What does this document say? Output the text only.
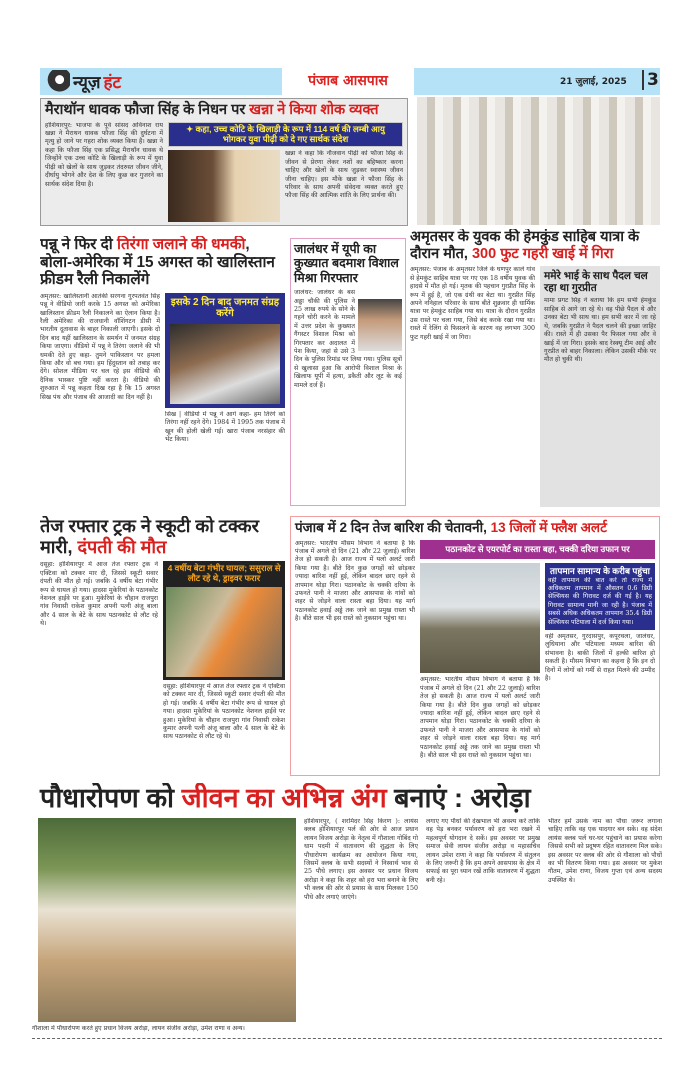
न्यूज़ हंट	पंजाब आसपास	21 जुलाई, 2025 3
मैराथॉन धावक फौजा सिंह के निधन पर खन्ना ने किया शोक व्यक्त
होशियारपुर: भाजपा के पूर्व सांसद अविनाश राय खन्ना ने मैराथन धावक फौजा सिंह की दुर्घटना में मृत्यु हो जाने पर गहरा शोक व्यक्त किया है। खन्ना ने कहा कि फौजा सिंह एक प्रसिद्ध मैराथॉन धावक थे जिन्होंने एक उच्च कोटि के खिलाड़ी के रूप में युवा पीढ़ी को खेलों के साथ जुड़कर तंदरुस्त जीवन जीने, दीर्घायु भोगने और देश के लिए कुछ कर गुजरने का सार्थक संदेश दिया है।
✦ कहा, उच्च कोटि के खिलाड़ी के रूप में 114 वर्ष की लम्बी आयु भोगकर युवा पीढ़ी को दे गए सार्थक संदेश
खन्ना ने कहा कि नौजवान पीढ़ी को फौजा सिंह के जीवन से प्रेरणा लेकर नशों का बहिष्कार करना चाहिए और खेलों के साथ जुड़कर स्वास्थ्य जीवन जीना चाहिए। इस मौके खन्ना ने फौजा सिंह के परिवार के साथ अपनी संवेदना व्यक्त करते हुए फौजा सिंह की आत्मिक शांति के लिए प्रार्थना की।
पन्नू ने फिर दी तिरंगा जलाने की धमकी, बोला-अमेरिका में 15 अगस्त को खालिस्तान फ्रीडम रैली निकालेंगे
अमृतसर: खालिस्तानी आतंकी सरगना गुरपतवंत सिंह पन्नू ने वीडियो जारी करके 15 अगस्त को अमेरिका खालिस्तान फ्रीडम रैली निकालने का ऐलान किया है। रैली अमेरिका की राजधानी वॉशिंगटन डीसी में भारतीय दूतावास के बाहर निकाली जाएगी। इसके दो दिन बाद यहीं खालिस्तान के समर्थन में जनमत संग्रह किया जाएगा। वीडियो में पन्नू ने तिरंगा जलाने की भी धमकी देते हुए कहा- तुमने पाकिस्तान पर हमला किया और वो बच गया। हम हिंदुस्तान को तबाह कर देंगे। सोशल मीडिया पर चल रहे इस वीडियो की दैनिक भास्कर पुष्टि नहीं करता है। वीडियो की शुरुआत में पन्नू कहता दिख रहा है कि 15 अगस्त सिख पंथ और पंजाब की आजादी का दिन नहीं है।
इसके 2 दिन बाद जनमत संग्रह करेंगे
सिख | वीडियो में पन्नू ने आगे कहा- हम तिरंगे को तिरंगा नहीं रहने देंगे। 1984 में 1995 तक पंजाब में खून की होली खेली गई। खारा पंजाब नरसंहार की भेंट किया।
जालंधर में यूपी का कुख्यात बदमाश विशाल मिश्रा गिरफ्तार
जालंधर: जालंधर के बस अड्डा चौकी की पुलिस ने 25 लाख रुपये के सोने के गहने चोरी करने के मामले में उत्तर प्रदेश के कुख्यात गैंगस्टर विशाल मिश्रा को गिरफ्तार कर अदालत में पेश किया, जहां से उसे 3 दिन के पुलिस रिमांड पर लिया गया। पुलिस सूत्रों से खुलासा हुआ कि आरोपी विशाल मिश्रा के खिलाफ यूपी में हत्या, डकैती और लूट के कई मामले दर्ज हैं।
अमृतसर के युवक की हेमकुंड साहिब यात्रा के दौरान मौत, 300 फुट गहरी खाई में गिरा
अमृतसर: पंजाब के अमृतसर जिले के घणपुर काले गांव से हेमकुंट साहिब यात्रा पर गए एक 18 वर्षीय युवक की हादसे में मौत हो गई। मृतक की पहचान गुरप्रीत सिंह के रूप में हुई है, जो एक ग्रंथी का बेटा था। गुरप्रीत सिंह अपने ननिहाल परिवार के साथ बीते शुक्रवार ही धार्मिक यात्रा पर हेमकुंट साहिब गया था। यात्रा के दौरान गुरप्रीत उस रास्ते पर चला गया, जिसे बंद करके रखा गया था। रास्ते में रेलिंग से फिसलने के कारण वह लगभग 300 फुट गहरी खाई में जा गिरा।
ममेरे भाई के साथ पैदल चल रहा था गुरप्रीत
मामा प्रगट सिंह ने बताया कि हम सभी हेमकुंड साहिब से आगे जा रहे थे। वह पीछे पैदल थे और उनका बेटा भी साथ था। हम सभी कार में जा रहे थे, जबकि गुरप्रीत ने पैदल चलने की इच्छा जाहिर की। रास्ते में ही उसका पैर फिसल गया और वे खाई में जा गिरा। इसके बाद रेस्क्यू टीम आई और गुरप्रीत को बाहर निकाला। लेकिन उसकी मौके पर मौत हो चुकी थी।
तेज रफ्तार ट्रक ने स्कूटी को टक्कर मारी, दंपती की मौत
दसूहा: होशियारपुर में आज तेज रफ्तार ट्रक ने एक्टिवा को टक्कर मार दी, जिससे स्कूटी सवार दंपती की मौत हो गई। जबकि 4 वर्षीय बेटा गंभीर रूप से घायल हो गया। हादसा मुकेरियां के पठानकोट नेशनल हाईवे पर हुआ। मुकेरियां के चौहान राजपुरा गांव निवासी राकेश कुमार अपनी पत्नी अंजू बाला और 4 साल के बेटे के साथ पठानकोट से लौट रहे थे।
4 वर्षीय बेटा गंभीर घायल; ससुराल से लौट रहे थे, ड्राइवर फरार
दसूहा: होशियारपुर में आज तेज रफ्तार ट्रक ने एक्टिवा को टक्कर मार दी, जिससे स्कूटी सवार दंपती की मौत हो गई। जबकि 4 वर्षीय बेटा गंभीर रूप से घायल हो गया। हादसा मुकेरियां के पठानकोट नेशनल हाईवे पर हुआ। मुकेरियां के चौहान राजपुरा गांव निवासी राकेश कुमार अपनी पत्नी अंजू बाला और 4 साल के बेटे के साथ पठानकोट से लौट रहे थे।
पंजाब में 2 दिन तेज बारिश की चेतावनी, 13 जिलों में फ्लैश अलर्ट
अमृतसर: भारतीय मौसम विभाग ने बताया है कि पंजाब में अगले दो दिन (21 और 22 जुलाई) बारिश तेज हो सकती है। आज राज्य में यलो अलर्ट जारी किया गया है। बीते दिन कुछ जगहों को छोड़कर ज्यादा बारिश नहीं हुई, लेकिन बादल छाए रहने से तापमान थोड़ा गिरा। पठानकोट के चक्की दरिया के उफनते पानी ने माजरा और आसपास के गांवों को शहर से जोड़ने वाला रास्ता बहा दिया। यह मार्ग पठानकोट हवाई अड्डे तक जाने का प्रमुख रास्ता भी है। बीते साल भी इस रास्ते को नुकसान पहुंचा था।
पठानकोट से एयरपोर्ट का रास्ता बहा, चक्की दरिया उफान पर
अमृतसर: भारतीय मौसम विभाग ने बताया है कि पंजाब में अगले दो दिन (21 और 22 जुलाई) बारिश तेज हो सकती है। आज राज्य में यलो अलर्ट जारी किया गया है। बीते दिन कुछ जगहों को छोड़कर ज्यादा बारिश नहीं हुई, लेकिन बादल छाए रहने से तापमान थोड़ा गिरा। पठानकोट के चक्की दरिया के उफनते पानी ने माजरा और आसपास के गांवों को शहर से जोड़ने वाला रास्ता बहा दिया। यह मार्ग पठानकोट हवाई अड्डे तक जाने का प्रमुख रास्ता भी है। बीते साल भी इस रास्ते को नुकसान पहुंचा था।
तापमान सामान्य के करीब पहुंचा
वहीं तापमान की बात करें तो राज्य में अधिकतम तापमान में औसतन 0.6 डिग्री सेल्सियस की गिरावट दर्ज की गई है। यह गिरावट सामान्य मानी जा रही है। पंजाब में सबसे अधिक अधिकतम तापमान 35.4 डिग्री सेल्सियस पटियाला में दर्ज किया गया।
वहीं अमृतसर, गुरदासपुर, कपूरथला, जालंधर, लुधियाना और पटियाला मध्यम बारिश की संभावना है। बाकी जिलों में हल्की बारिश हो सकती है। मौसम विभाग का कहना है कि इन दो दिनों में लोगों को गर्मी से राहत मिलने की उम्मीद है।
पौधारोपण को जीवन का अभिन्न अंग बनाएं : अरोड़ा
गौशाला में पौधारोपण करते हुए प्रधान विजय अरोड़ा, लायन संजीव अरोड़ा, उमेश राणा व अन्य।
होशियारपुर, ( शरमिंदर सिंह किरण ): लायंस क्लब होशियारपुर पर्ल की ओर से आज प्रधान लायन विजय अरोड़ा के नेतृत्व में गौशाला गोबिंद गो धाम पदमी में वातावरण की शुद्धता के लिए पौधारोपण कार्यक्रम का आयोजन किया गया, जिसमें क्लब के सभी सदस्यों ने निस्वार्थ भाव से 25 पौधे लगाए। इस अवसर पर प्रधान विजय अरोड़ा ने कहा कि शहर को हरा भरा बनाने के लिए भी क्लब की ओर से प्रयास के साथ मिलकर 150 पौधे और लगाएं जाएंगे।
लगाए गए पौधों की देखभाल भी अवश्य करें ताकि वह पेड़ बनकर पर्यावरण को हरा भरा रखने में महत्वपूर्ण योगदान दे सकें। इस अवसर पर प्रमुख समाज सेवी लायन संजीव अरोड़ा व महासचिव लायन उमेश राणा ने कहा कि पर्यावरण में संतुलन के लिए जरूरी है कि हम अपने आसपास के क्षेत्र में सफाई का पूरा ध्यान रखें ताकि वातावरण में शुद्धता बनी रहे।
भीतर हमें उसके नाम का पौधा जरूर लगाना चाहिए ताकि वह एक यादगार बन सके। वह संदेश लायंस क्लब पर्ल घर-घर पहुंचाने का प्रयास करेगा जिससे सभी को प्रदूषण रहित वातावरण मिल सके। इस अवसर पर क्लब की ओर से गौशाला को पौधों का भी वितरण किया गया। इस अवसर पर मुकेश गौतम, उमेश राणा, विजय गुप्ता एवं अन्य सदस्य उपस्थित थे।
